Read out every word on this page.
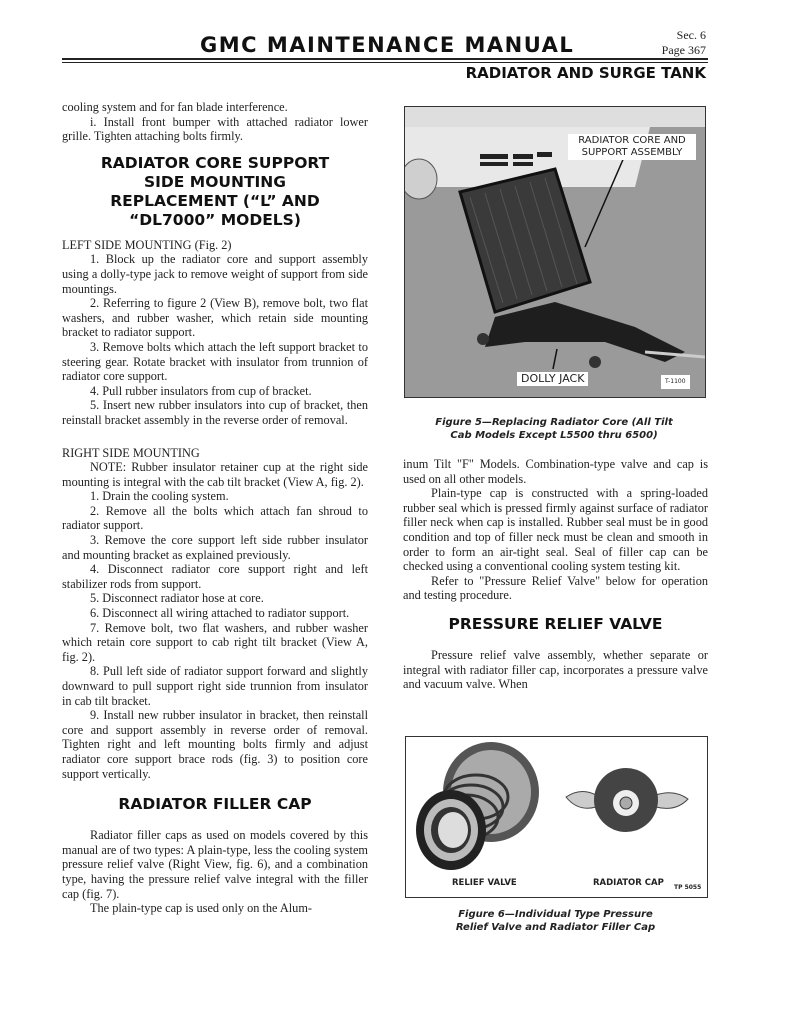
GMC MAINTENANCE MANUAL	Sec. 6
Page 367
RADIATOR AND SURGE TANK

cooling system and for fan blade interference.

i. Install front bumper with attached radiator lower grille. Tighten attaching bolts firmly.

RADIATOR CORE SUPPORT SIDE MOUNTING REPLACEMENT (“L” AND “DL7000” MODELS)

LEFT SIDE MOUNTING (Fig. 2)

1. Block up the radiator core and support assembly using a dolly-type jack to remove weight of support from side mountings.

2. Referring to figure 2 (View B), remove bolt, two flat washers, and rubber washer, which retain side mounting bracket to radiator support.

3. Remove bolts which attach the left support bracket to steering gear. Rotate bracket with insulator from trunnion of radiator core support.

4. Pull rubber insulators from cup of bracket.

5. Insert new rubber insulators into cup of bracket, then reinstall bracket assembly in the reverse order of removal.

RIGHT SIDE MOUNTING

NOTE: Rubber insulator retainer cup at the right side mounting is integral with the cab tilt bracket (View A, fig. 2).

1. Drain the cooling system.

2. Remove all the bolts which attach fan shroud to radiator support.

3. Remove the core support left side rubber insulator and mounting bracket as explained previously.

4. Disconnect radiator core support right and left stabilizer rods from support.

5. Disconnect radiator hose at core.

6. Disconnect all wiring attached to radiator support.

7. Remove bolt, two flat washers, and rubber washer which retain core support to cab right tilt bracket (View A, fig. 2).

8. Pull left side of radiator support forward and slightly downward to pull support right side trunnion from insulator in cab tilt bracket.

9. Install new rubber insulator in bracket, then reinstall core and support assembly in reverse order of removal. Tighten right and left mounting bolts firmly and adjust radiator core support brace rods (fig. 3) to position core support vertically.

RADIATOR FILLER CAP

Radiator filler caps as used on models covered by this manual are of two types: A plain-type, less the cooling system pressure relief valve (Right View, fig. 6), and a combination type, having the pressure relief valve integral with the filler cap (fig. 7).

The plain-type cap is used only on the Alum-

RADIATOR CORE AND SUPPORT ASSEMBLY
DOLLY JACK	T-1100
Figure 5—Replacing Radiator Core (All Tilt Cab Models Except L5500 thru 6500)

inum Tilt "F" Models. Combination-type valve and cap is used on all other models.

Plain-type cap is constructed with a spring-loaded rubber seal which is pressed firmly against surface of radiator filler neck when cap is installed. Rubber seal must be in good condition and top of filler neck must be clean and smooth in order to form an air-tight seal. Seal of filler cap can be checked using a conventional cooling system testing kit.

Refer to "Pressure Relief Valve" below for operation and testing procedure.

PRESSURE RELIEF VALVE

Pressure relief valve assembly, whether separate or integral with radiator filler cap, incorporates a pressure valve and vacuum valve. When

RELIEF VALVE	RADIATOR CAP	TP 5055
Figure 6—Individual Type Pressure Relief Valve and Radiator Filler Cap
